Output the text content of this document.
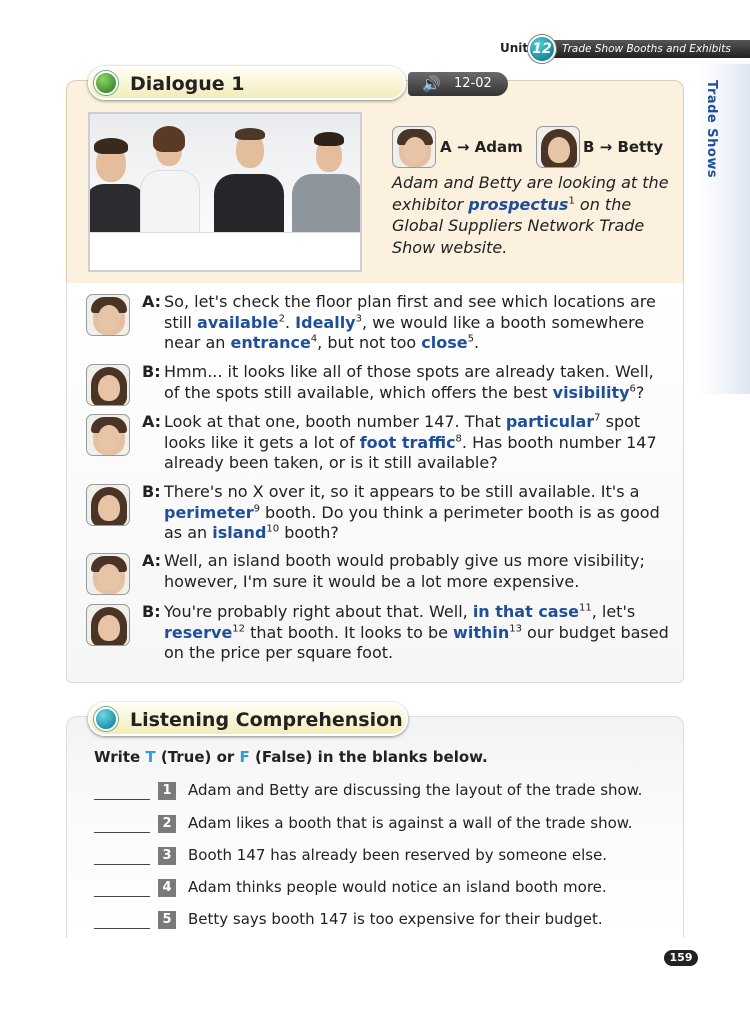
Unit 12 Trade Show Booths and Exhibits
Trade Shows
Dialogue 1	🔊 12-02
A → Adam	B → Betty
Adam and Betty are looking at the exhibitor prospectus$^1$ on the Global Suppliers Network Trade Show website.
A: So, let's check the floor plan first and see which locations are still available$^2$. Ideally$^3$, we would like a booth somewhere near an entrance$^4$, but not too close$^5$.
B: Hmm... it looks like all of those spots are already taken. Well, of the spots still available, which offers the best visibility$^6$?
A: Look at that one, booth number 147. That particular$^7$ spot looks like it gets a lot of foot traffic$^8$. Has booth number 147 already been taken, or is it still available?
B: There's no X over it, so it appears to be still available. It's a perimeter$^9$ booth. Do you think a perimeter booth is as good as an island$^{10}$ booth?
A: Well, an island booth would probably give us more visibility; however, I'm sure it would be a lot more expensive.
B: You're probably right about that. Well, in that case$^{11}$, let's reserve$^{12}$ that booth. It looks to be within$^{13}$ our budget based on the price per square foot.
Listening Comprehension
Write T (True) or F (False) in the blanks below.
1 Adam and Betty are discussing the layout of the trade show.
2 Adam likes a booth that is against a wall of the trade show.
3 Booth 147 has already been reserved by someone else.
4 Adam thinks people would notice an island booth more.
5 Betty says booth 147 is too expensive for their budget.
159
